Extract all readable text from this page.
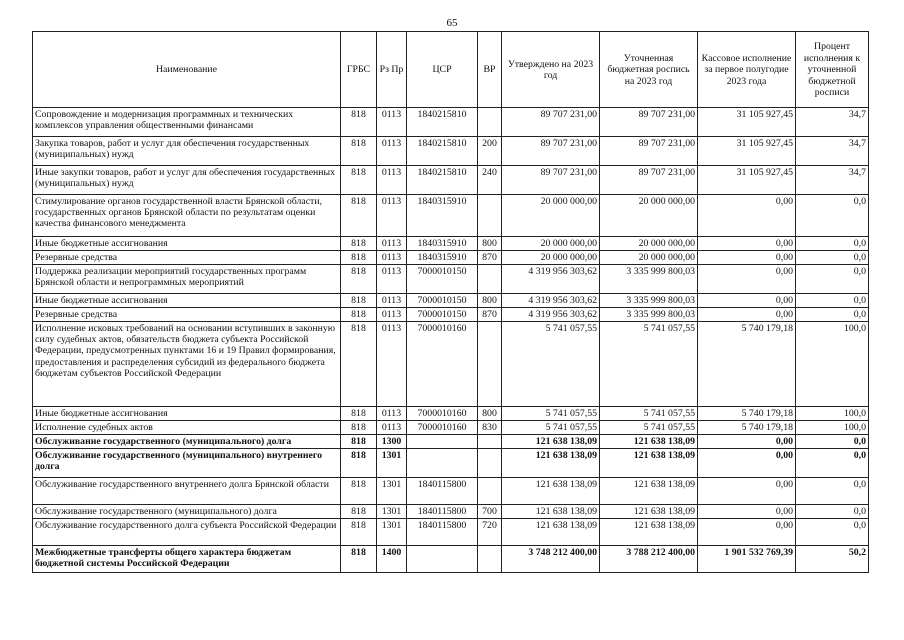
65
Наименование	ГРБС	Рз Пр	ЦСР	ВР	Утверждено на 2023 год	Уточненная бюджетная роспись на 2023 год	Кассовое исполнение за первое полугодие 2023 года	Процент исполнения к уточненной бюджетной росписи
Сопровождение и модернизация программных и технических комплексов управления общественными финансами	818	0113	1840215810		89 707 231,00	89 707 231,00	31 105 927,45	34,7
Закупка товаров, работ и услуг для обеспечения государственных (муниципальных) нужд	818	0113	1840215810	200	89 707 231,00	89 707 231,00	31 105 927,45	34,7
Иные закупки товаров, работ и услуг для обеспечения государственных (муниципальных) нужд	818	0113	1840215810	240	89 707 231,00	89 707 231,00	31 105 927,45	34,7
Стимулирование органов государственной власти Брянской области, государственных органов Брянской области по результатам оценки качества финансового менеджмента	818	0113	1840315910		20 000 000,00	20 000 000,00	0,00	0,0
Иные бюджетные ассигнования	818	0113	1840315910	800	20 000 000,00	20 000 000,00	0,00	0,0
Резервные средства	818	0113	1840315910	870	20 000 000,00	20 000 000,00	0,00	0,0
Поддержка реализации мероприятий государственных программ Брянской области и непрограммных мероприятий	818	0113	7000010150		4 319 956 303,62	3 335 999 800,03	0,00	0,0
Иные бюджетные ассигнования	818	0113	7000010150	800	4 319 956 303,62	3 335 999 800,03	0,00	0,0
Резервные средства	818	0113	7000010150	870	4 319 956 303,62	3 335 999 800,03	0,00	0,0
Исполнение исковых требований на основании вступивших в законную силу судебных актов, обязательств бюджета субъекта Российской Федерации, предусмотренных пунктами 16 и 19 Правил формирования, предоставления и распределения субсидий из федерального бюджета бюджетам субъектов Российской Федерации	818	0113	7000010160		5 741 057,55	5 741 057,55	5 740 179,18	100,0
Иные бюджетные ассигнования	818	0113	7000010160	800	5 741 057,55	5 741 057,55	5 740 179,18	100,0
Исполнение судебных актов	818	0113	7000010160	830	5 741 057,55	5 741 057,55	5 740 179,18	100,0
Обслуживание государственного (муниципального) долга	818	1300			121 638 138,09	121 638 138,09	0,00	0,0
Обслуживание государственного (муниципального) внутреннего долга	818	1301			121 638 138,09	121 638 138,09	0,00	0,0
Обслуживание государственного внутреннего долга Брянской области	818	1301	1840115800		121 638 138,09	121 638 138,09	0,00	0,0
Обслуживание государственного (муниципального) долга	818	1301	1840115800	700	121 638 138,09	121 638 138,09	0,00	0,0
Обслуживание государственного долга субъекта Российской Федерации	818	1301	1840115800	720	121 638 138,09	121 638 138,09	0,00	0,0
Межбюджетные трансферты общего характера бюджетам бюджетной системы Российской Федерации	818	1400			3 748 212 400,00	3 788 212 400,00	1 901 532 769,39	50,2
